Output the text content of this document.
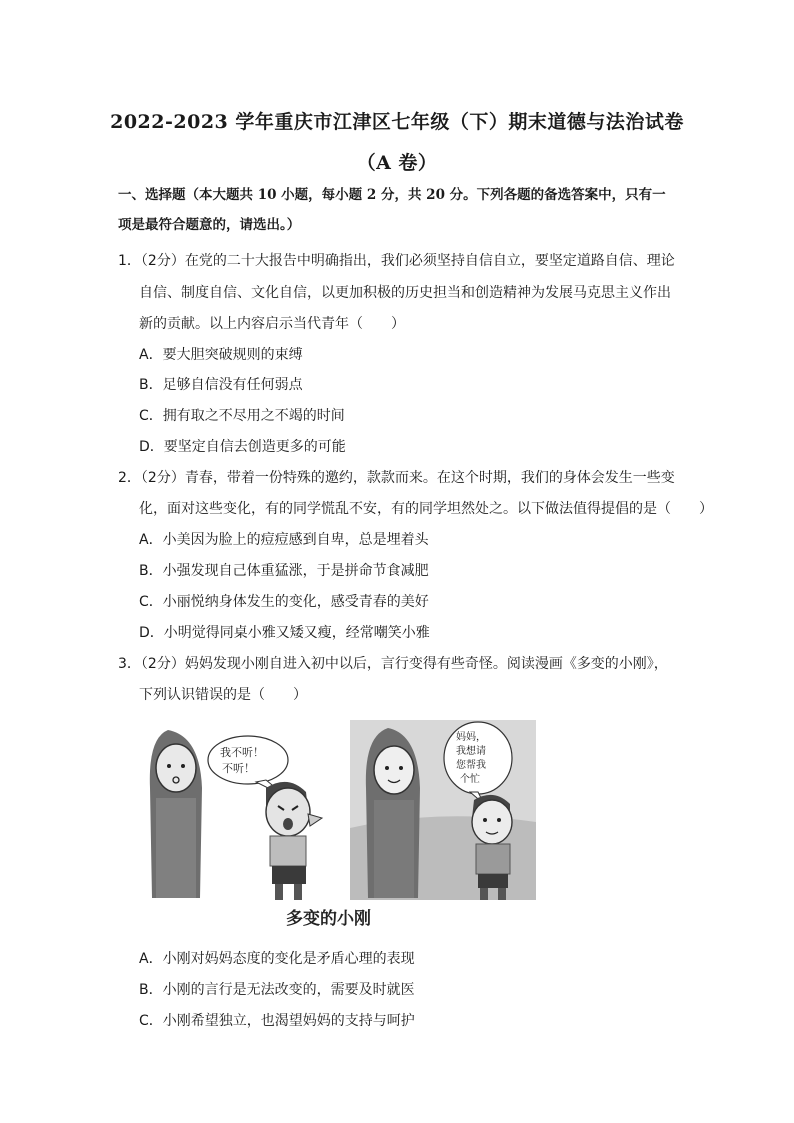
2022-2023 学年重庆市江津区七年级（下）期末道德与法治试卷
（A 卷）
一、选择题（本大题共 10 小题，每小题 2 分，共 20 分。下列各题的备选答案中，只有一项是最符合题意的，请选出。）
1．（2分）在党的二十大报告中明确指出，我们必须坚持自信自立，要坚定道路自信、理论
自信、制度自信、文化自信，以更加积极的历史担当和创造精神为发展马克思主义作出
新的贡献。以上内容启示当代青年（　　）
A．要大胆突破规则的束缚
B．足够自信没有任何弱点
C．拥有取之不尽用之不竭的时间
D．要坚定自信去创造更多的可能
2．（2分）青春，带着一份特殊的邀约，款款而来。在这个时期，我们的身体会发生一些变
化，面对这些变化，有的同学慌乱不安，有的同学坦然处之。以下做法值得提倡的是（　　）
A．小美因为脸上的痘痘感到自卑，总是埋着头
B．小强发现自己体重猛涨，于是拼命节食减肥
C．小丽悦纳身体发生的变化，感受青春的美好
D．小明觉得同桌小雅又矮又瘦，经常嘲笑小雅
3．（2分）妈妈发现小刚自进入初中以后，言行变得有些奇怪。阅读漫画《多变的小刚》，
下列认识错误的是（　　）
我不听！
不听！
妈妈，
我想请
您帮我
个忙
多变的小刚
A．小刚对妈妈态度的变化是矛盾心理的表现
B．小刚的言行是无法改变的，需要及时就医
C．小刚希望独立，也渴望妈妈的支持与呵护
